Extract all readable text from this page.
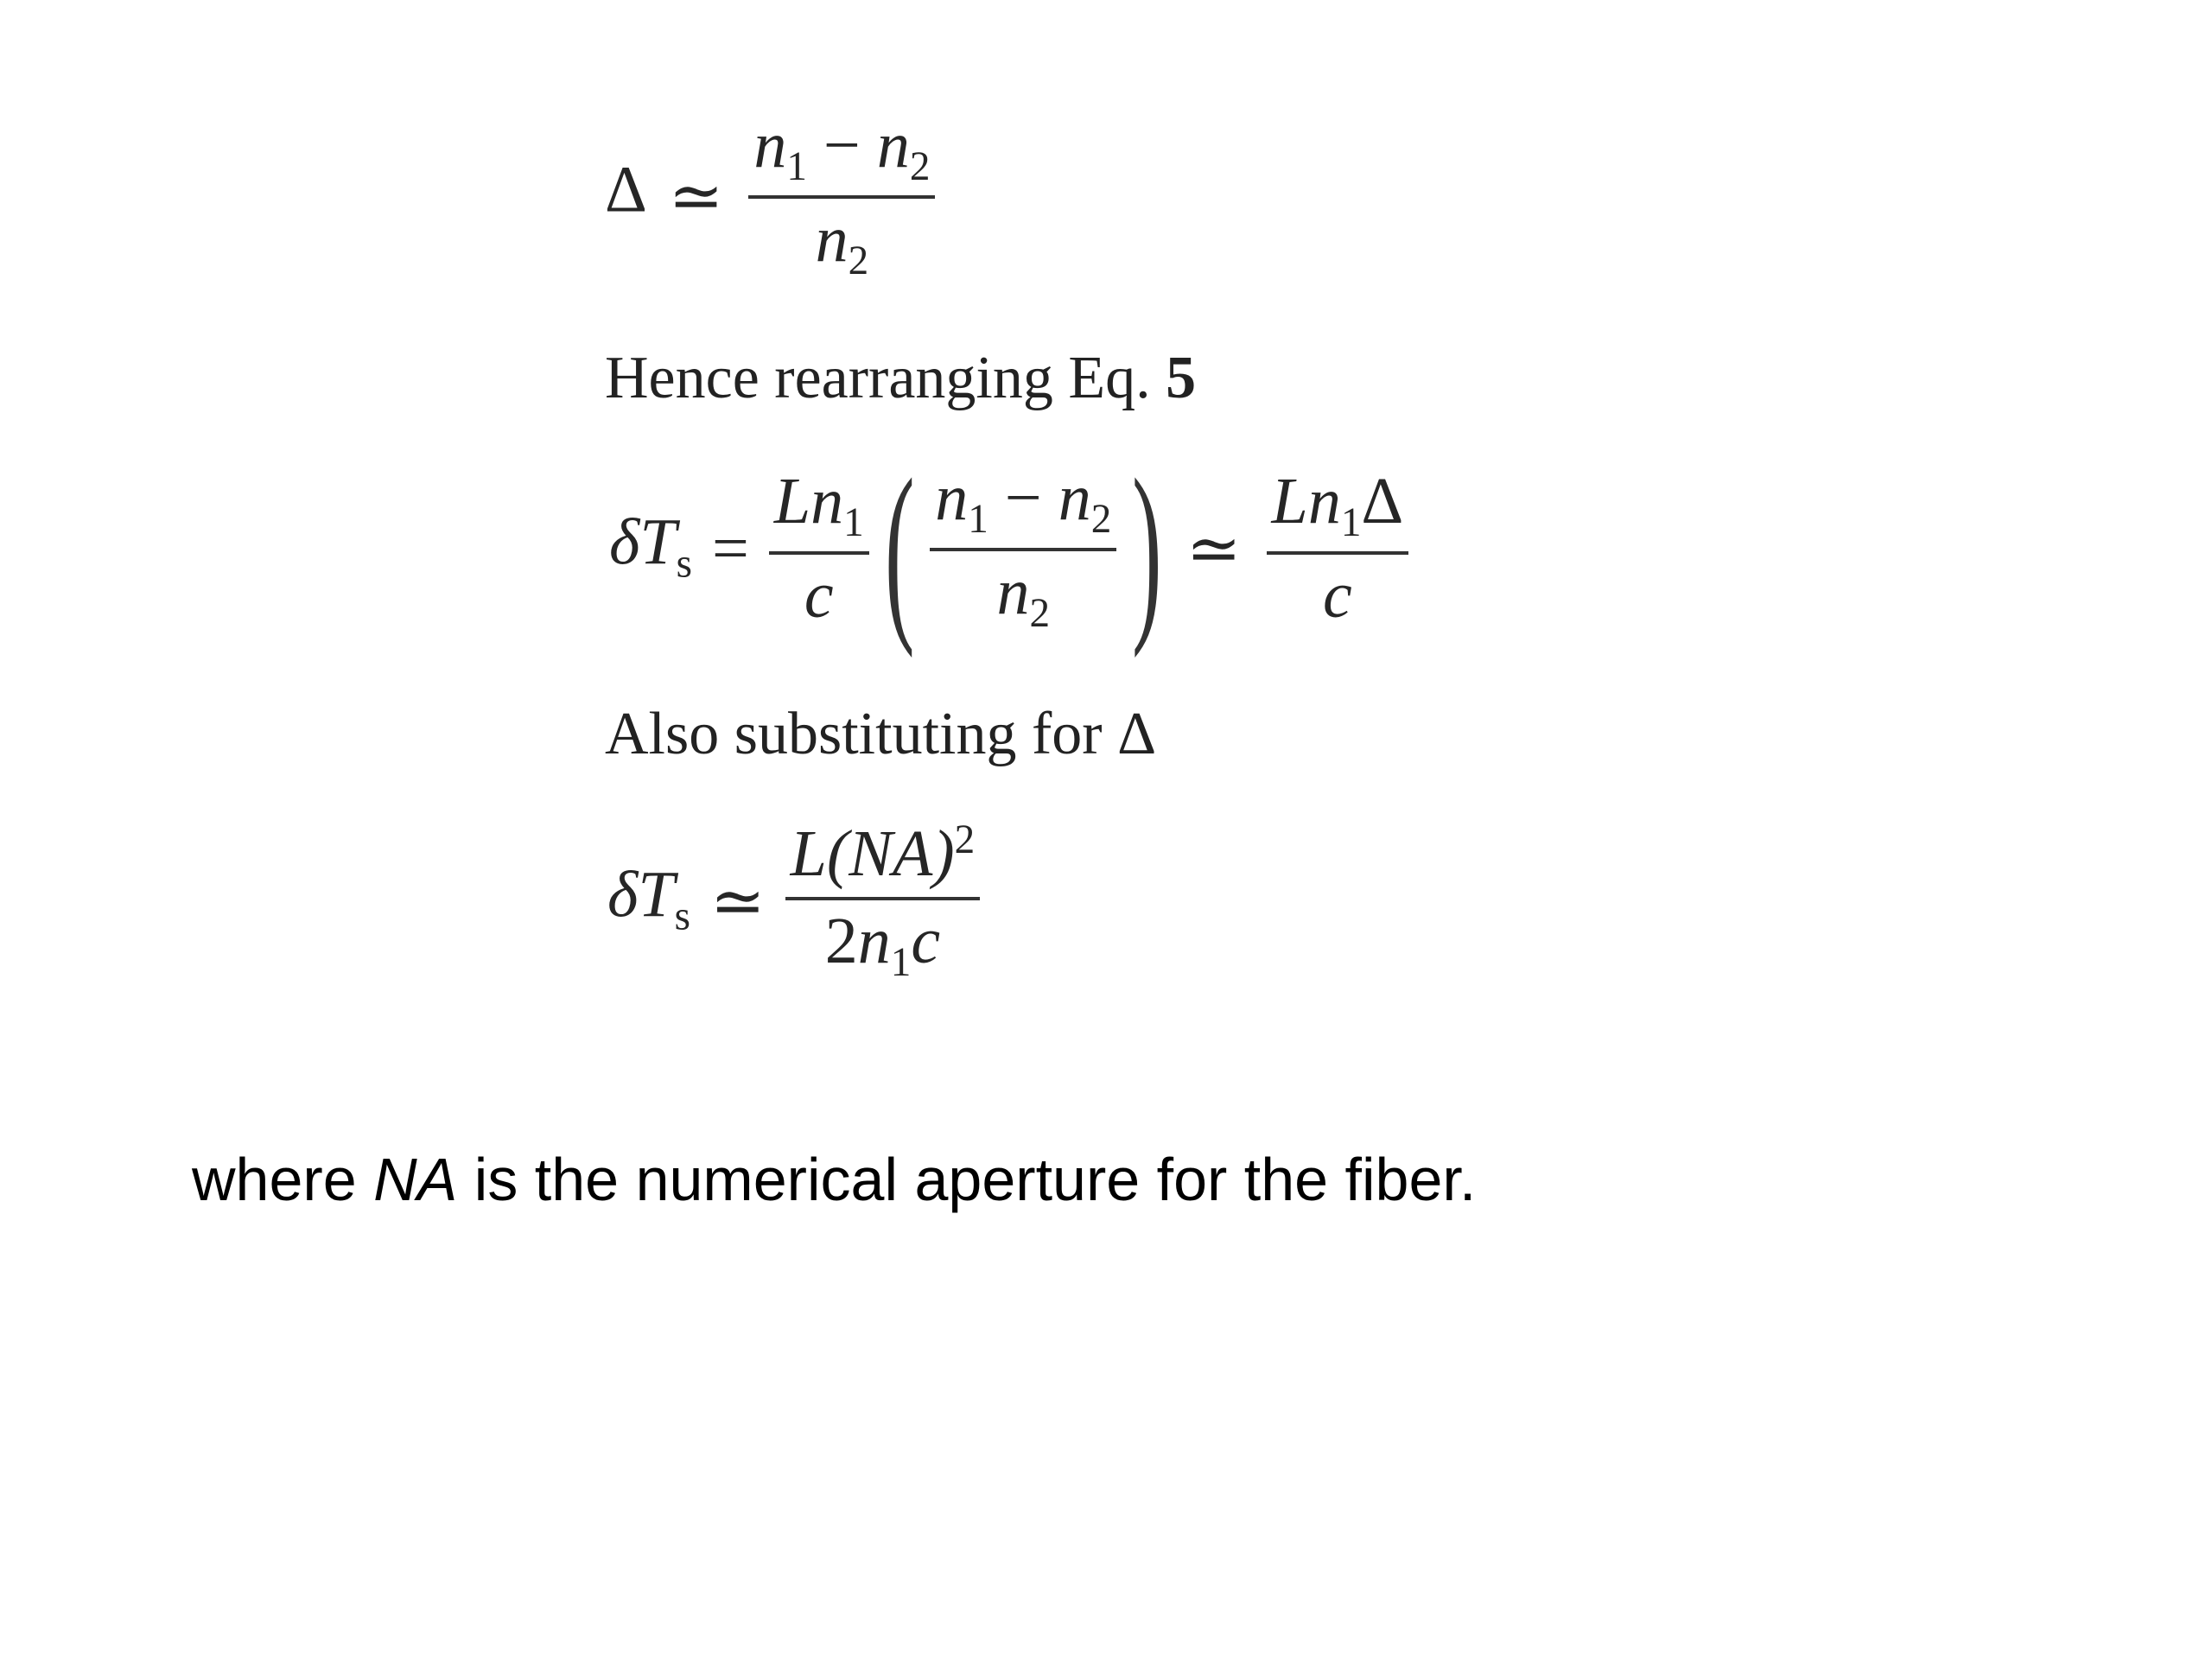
Δ ≃ $\frac{n_1 - n_2}{n_2}$
Hence rearranging Eq. 5
$\delta T_s = \frac{Ln_1}{c}$ ( $\frac{n_1 - n_2}{n_2}$ ) ≃ $\frac{Ln_1\Delta}{c}$
Also substituting for Δ
$\delta T_s$ ≃ $\frac{L(NA)^2}{2n_1c}$
where NA is the numerical aperture for the fiber.
